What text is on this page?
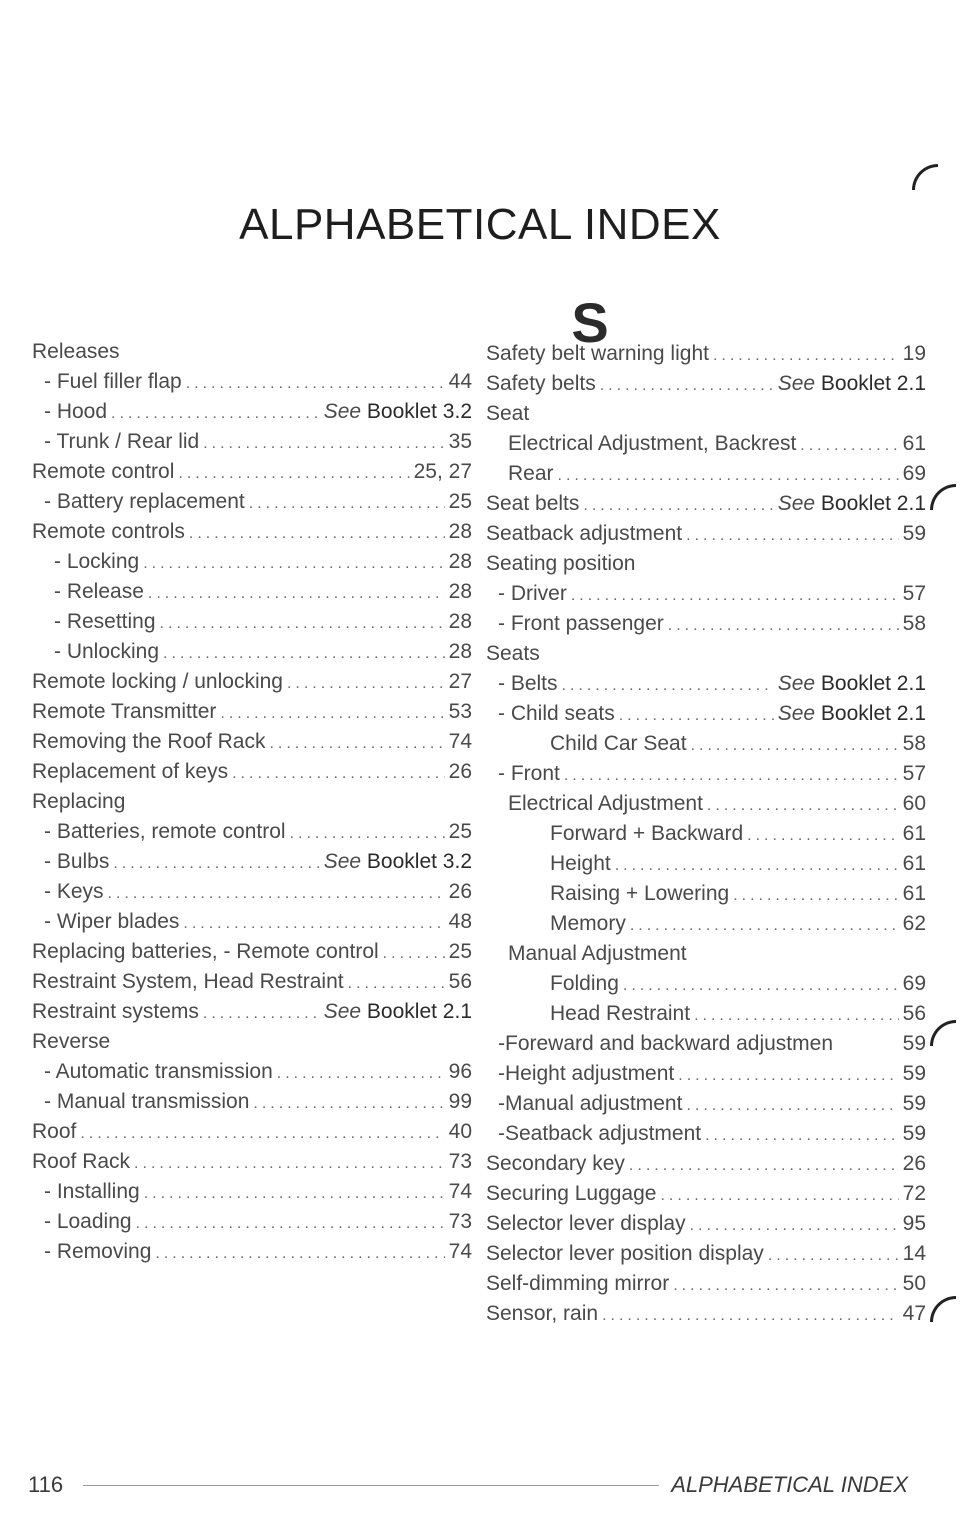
ALPHABETICAL INDEX
S
Releases
- Fuel filler flap .....	44
- Hood .....	See Booklet 3.2
- Trunk / Rear lid .....	35
Remote control .....	25, 27
- Battery replacement .....	25
Remote controls .....	28
- Locking .....	28
- Release .....	28
- Resetting .....	28
- Unlocking .....	28
Remote locking / unlocking .....	27
Remote Transmitter .....	53
Removing the Roof Rack .....	74
Replacement of keys .....	26
Replacing
- Batteries, remote control .....	25
- Bulbs .....	See Booklet 3.2
- Keys .....	26
- Wiper blades .....	48
Replacing batteries, - Remote control .....	25
Restraint System, Head Restraint .....	56
Restraint systems .....	See Booklet 2.1
Reverse
- Automatic transmission .....	96
- Manual transmission .....	99
Roof .....	40
Roof Rack .....	73
- Installing .....	74
- Loading .....	73
- Removing .....	74
Safety belt warning light .....	19
Safety belts .....	See Booklet 2.1
Seat
Electrical Adjustment, Backrest .....	61
Rear .....	69
Seat belts .....	See Booklet 2.1
Seatback adjustment .....	59
Seating position
- Driver .....	57
- Front passenger .....	58
Seats
- Belts .....	See Booklet 2.1
- Child seats .....	See Booklet 2.1
Child Car Seat .....	58
- Front .....	57
Electrical Adjustment .....	60
Forward + Backward .....	61
Height .....	61
Raising + Lowering .....	61
Memory .....	62
Manual Adjustment
Folding .....	69
Head Restraint .....	56
-Foreward and backward adjustmen	59
-Height adjustment .....	59
-Manual adjustment .....	59
-Seatback adjustment .....	59
Secondary key .....	26
Securing Luggage .....	72
Selector lever display .....	95
Selector lever position display .....	14
Self-dimming mirror .....	50
Sensor, rain .....	47
116	ALPHABETICAL INDEX
